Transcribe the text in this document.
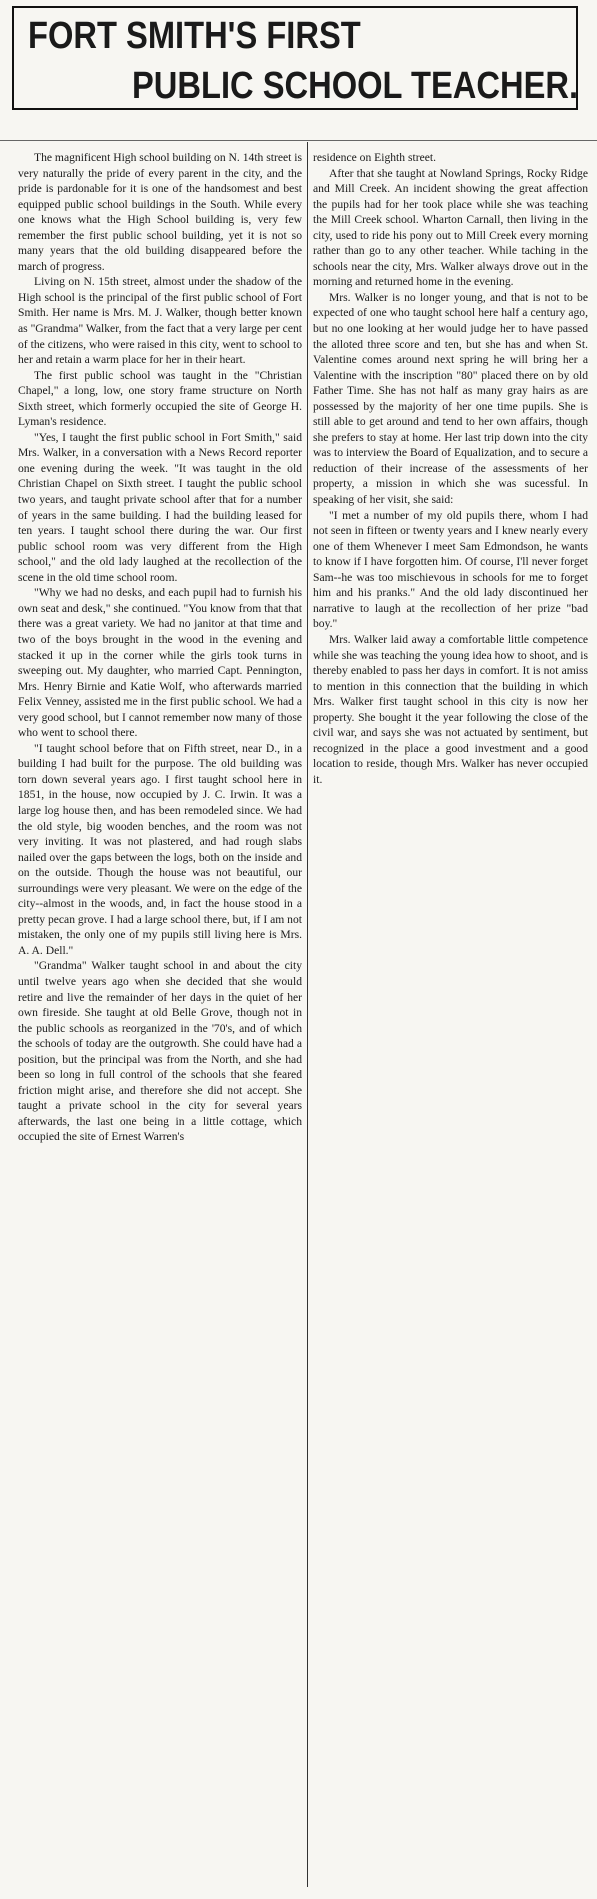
FORT SMITH'S FIRST
PUBLIC SCHOOL TEACHER.

The magnificent High school building on N. 14th street is very naturally the pride of every parent in the city, and the pride is pardonable for it is one of the handsomest and best equipped public school buildings in the South. While every one knows what the High School building is, very few remember the first public school building, yet it is not so many years that the old building disappeared before the march of progress.

Living on N. 15th street, almost under the shadow of the High school is the principal of the first public school of Fort Smith. Her name is Mrs. M. J. Walker, though better known as "Grandma" Walker, from the fact that a very large per cent of the citizens, who were raised in this city, went to school to her and retain a warm place for her in their heart.

The first public school was taught in the "Christian Chapel," a long, low, one story frame structure on North Sixth street, which formerly occupied the site of George H. Lyman's residence.

"Yes, I taught the first public school in Fort Smith," said Mrs. Walker, in a conversation with a News Record reporter one evening during the week. "It was taught in the old Christian Chapel on Sixth street. I taught the public school two years, and taught private school after that for a number of years in the same building. I had the building leased for ten years. I taught school there during the war. Our first public school room was very different from the High school," and the old lady laughed at the recollection of the scene in the old time school room.

"Why we had no desks, and each pupil had to furnish his own seat and desk," she continued. "You know from that that there was a great variety. We had no janitor at that time and two of the boys brought in the wood in the evening and stacked it up in the corner while the girls took turns in sweeping out. My daughter, who married Capt. Pennington, Mrs. Henry Birnie and Katie Wolf, who afterwards married Felix Venney, assisted me in the first public school. We had a very good school, but I cannot remember now many of those who went to school there.

"I taught school before that on Fifth street, near D., in a building I had built for the purpose. The old building was torn down several years ago. I first taught school here in 1851, in the house, now occupied by J. C. Irwin. It was a large log house then, and has been remodeled since. We had the old style, big wooden benches, and the room was not very inviting. It was not plastered, and had rough slabs nailed over the gaps between the logs, both on the inside and on the outside. Though the house was not beautiful, our surroundings were very pleasant. We were on the edge of the city--almost in the woods, and, in fact the house stood in a pretty pecan grove. I had a large school there, but, if I am not mistaken, the only one of my pupils still living here is Mrs. A. A. Dell."

"Grandma" Walker taught school in and about the city until twelve years ago when she decided that she would retire and live the remainder of her days in the quiet of her own fireside. She taught at old Belle Grove, though not in the public schools as reorganized in the '70's, and of which the schools of today are the outgrowth. She could have had a position, but the principal was from the North, and she had been so long in full control of the schools that she feared friction might arise, and therefore she did not accept. She taught a private school in the city for several years afterwards, the last one being in a little cottage, which occupied the site of Ernest Warren's

residence on Eighth street.

After that she taught at Nowland Springs, Rocky Ridge and Mill Creek. An incident showing the great affection the pupils had for her took place while she was teaching the Mill Creek school. Wharton Carnall, then living in the city, used to ride his pony out to Mill Creek every morning rather than go to any other teacher. While taching in the schools near the city, Mrs. Walker always drove out in the morning and returned home in the evening.

Mrs. Walker is no longer young, and that is not to be expected of one who taught school here half a century ago, but no one looking at her would judge her to have passed the alloted three score and ten, but she has and when St. Valentine comes around next spring he will bring her a Valentine with the inscription "80" placed there on by old Father Time. She has not half as many gray hairs as are possessed by the majority of her one time pupils. She is still able to get around and tend to her own affairs, though she prefers to stay at home. Her last trip down into the city was to interview the Board of Equalization, and to secure a reduction of their increase of the assessments of her property, a mission in which she was sucessful. In speaking of her visit, she said:

"I met a number of my old pupils there, whom I had not seen in fifteen or twenty years and I knew nearly every one of them Whenever I meet Sam Edmondson, he wants to know if I have forgotten him. Of course, I'll never forget Sam--he was too mischievous in schools for me to forget him and his pranks." And the old lady discontinued her narrative to laugh at the recollection of her prize "bad boy."

Mrs. Walker laid away a comfortable little competence while she was teaching the young idea how to shoot, and is thereby enabled to pass her days in comfort. It is not amiss to mention in this connection that the building in which Mrs. Walker first taught school in this city is now her property. She bought it the year following the close of the civil war, and says she was not actuated by sentiment, but recognized in the place a good investment and a good location to reside, though Mrs. Walker has never occupied it.
